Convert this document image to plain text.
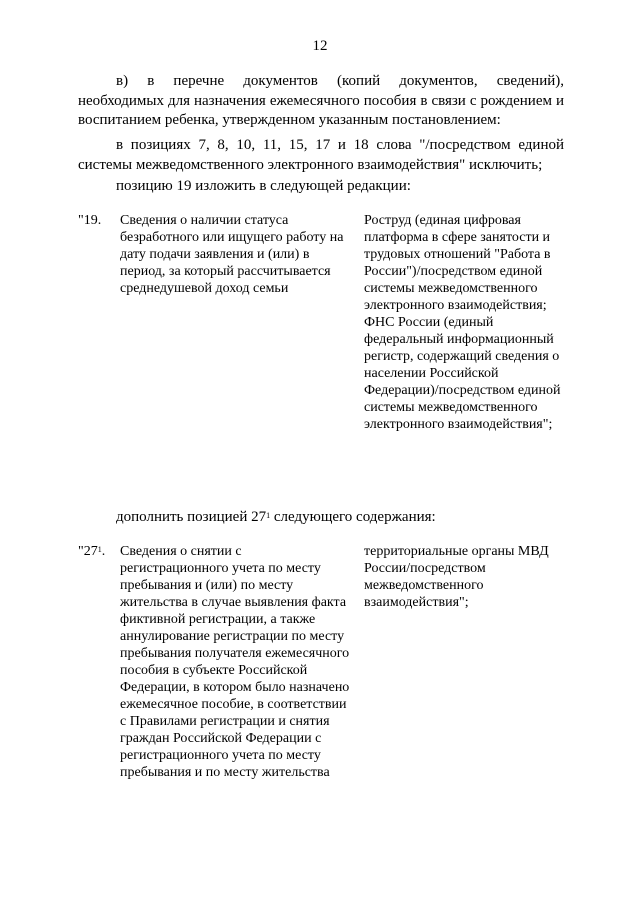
12
в) в перечне документов (копий документов, сведений),
необходимых для назначения ежемесячного пособия в связи с рождением и воспитанием ребенка, утвержденном указанным постановлением:
в позициях 7, 8, 10, 11, 15, 17 и 18 слова "/посредством единой
системы межведомственного электронного взаимодействия" исключить;
позицию 19 изложить в следующей редакции:
"19.	Сведения о наличии статуса безработного или ищущего работу на дату подачи заявления и (или) в период, за который рассчитывается среднедушевой доход семьи
Роструд (единая цифровая платформа в сфере занятости и трудовых отношений "Работа в России")/посредством единой системы межведомственного электронного взаимодействия; ФНС России (единый федеральный информационный регистр, содержащий сведения о населении Российской Федерации)/посредством единой системы межведомственного электронного взаимодействия";
дополнить позицией $27^1$ следующего содержания:
"$27^1$.	Сведения о снятии с регистрационного учета по месту пребывания и (или) по месту жительства в случае выявления факта фиктивной регистрации, а также аннулирование регистрации по месту пребывания получателя ежемесячного пособия в субъекте Российской Федерации, в котором было назначено ежемесячное пособие, в соответствии с Правилами регистрации и снятия граждан Российской Федерации с регистрационного учета по месту пребывания и по месту жительства
территориальные органы МВД России/посредством межведомственного взаимодействия";
